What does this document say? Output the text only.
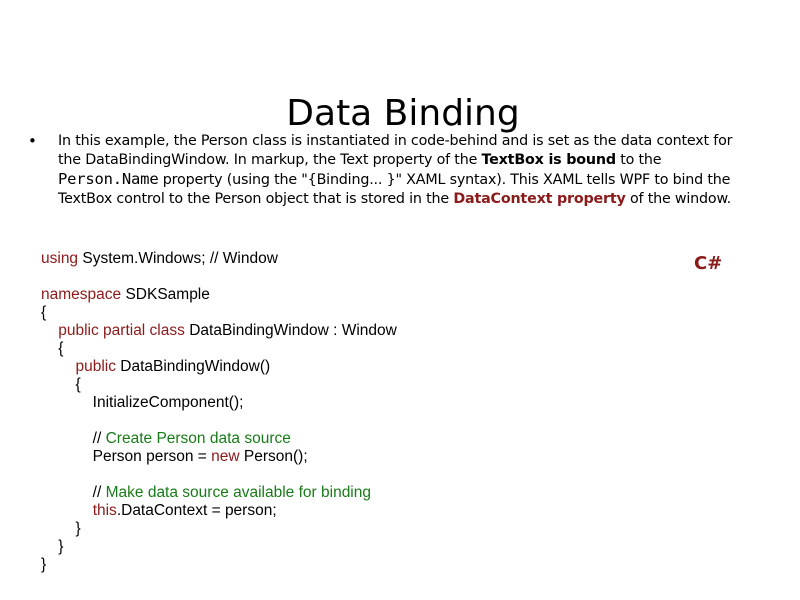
Data Binding
• In this example, the Person class is instantiated in code-behind and is set as the data context for the DataBindingWindow. In markup, the Text property of the TextBox is bound to the Person.Name property (using the "{Binding... }" XAML syntax). This XAML tells WPF to bind the TextBox control to the Person object that is stored in the DataContext property of the window.
C#
using System.Windows; // Window
namespace SDKSample
{
public partial class DataBindingWindow : Window
{
public DataBindingWindow()
{
InitializeComponent();
// Create Person data source
Person person = new Person();
// Make data source available for binding
this.DataContext = person;
}
}
}
